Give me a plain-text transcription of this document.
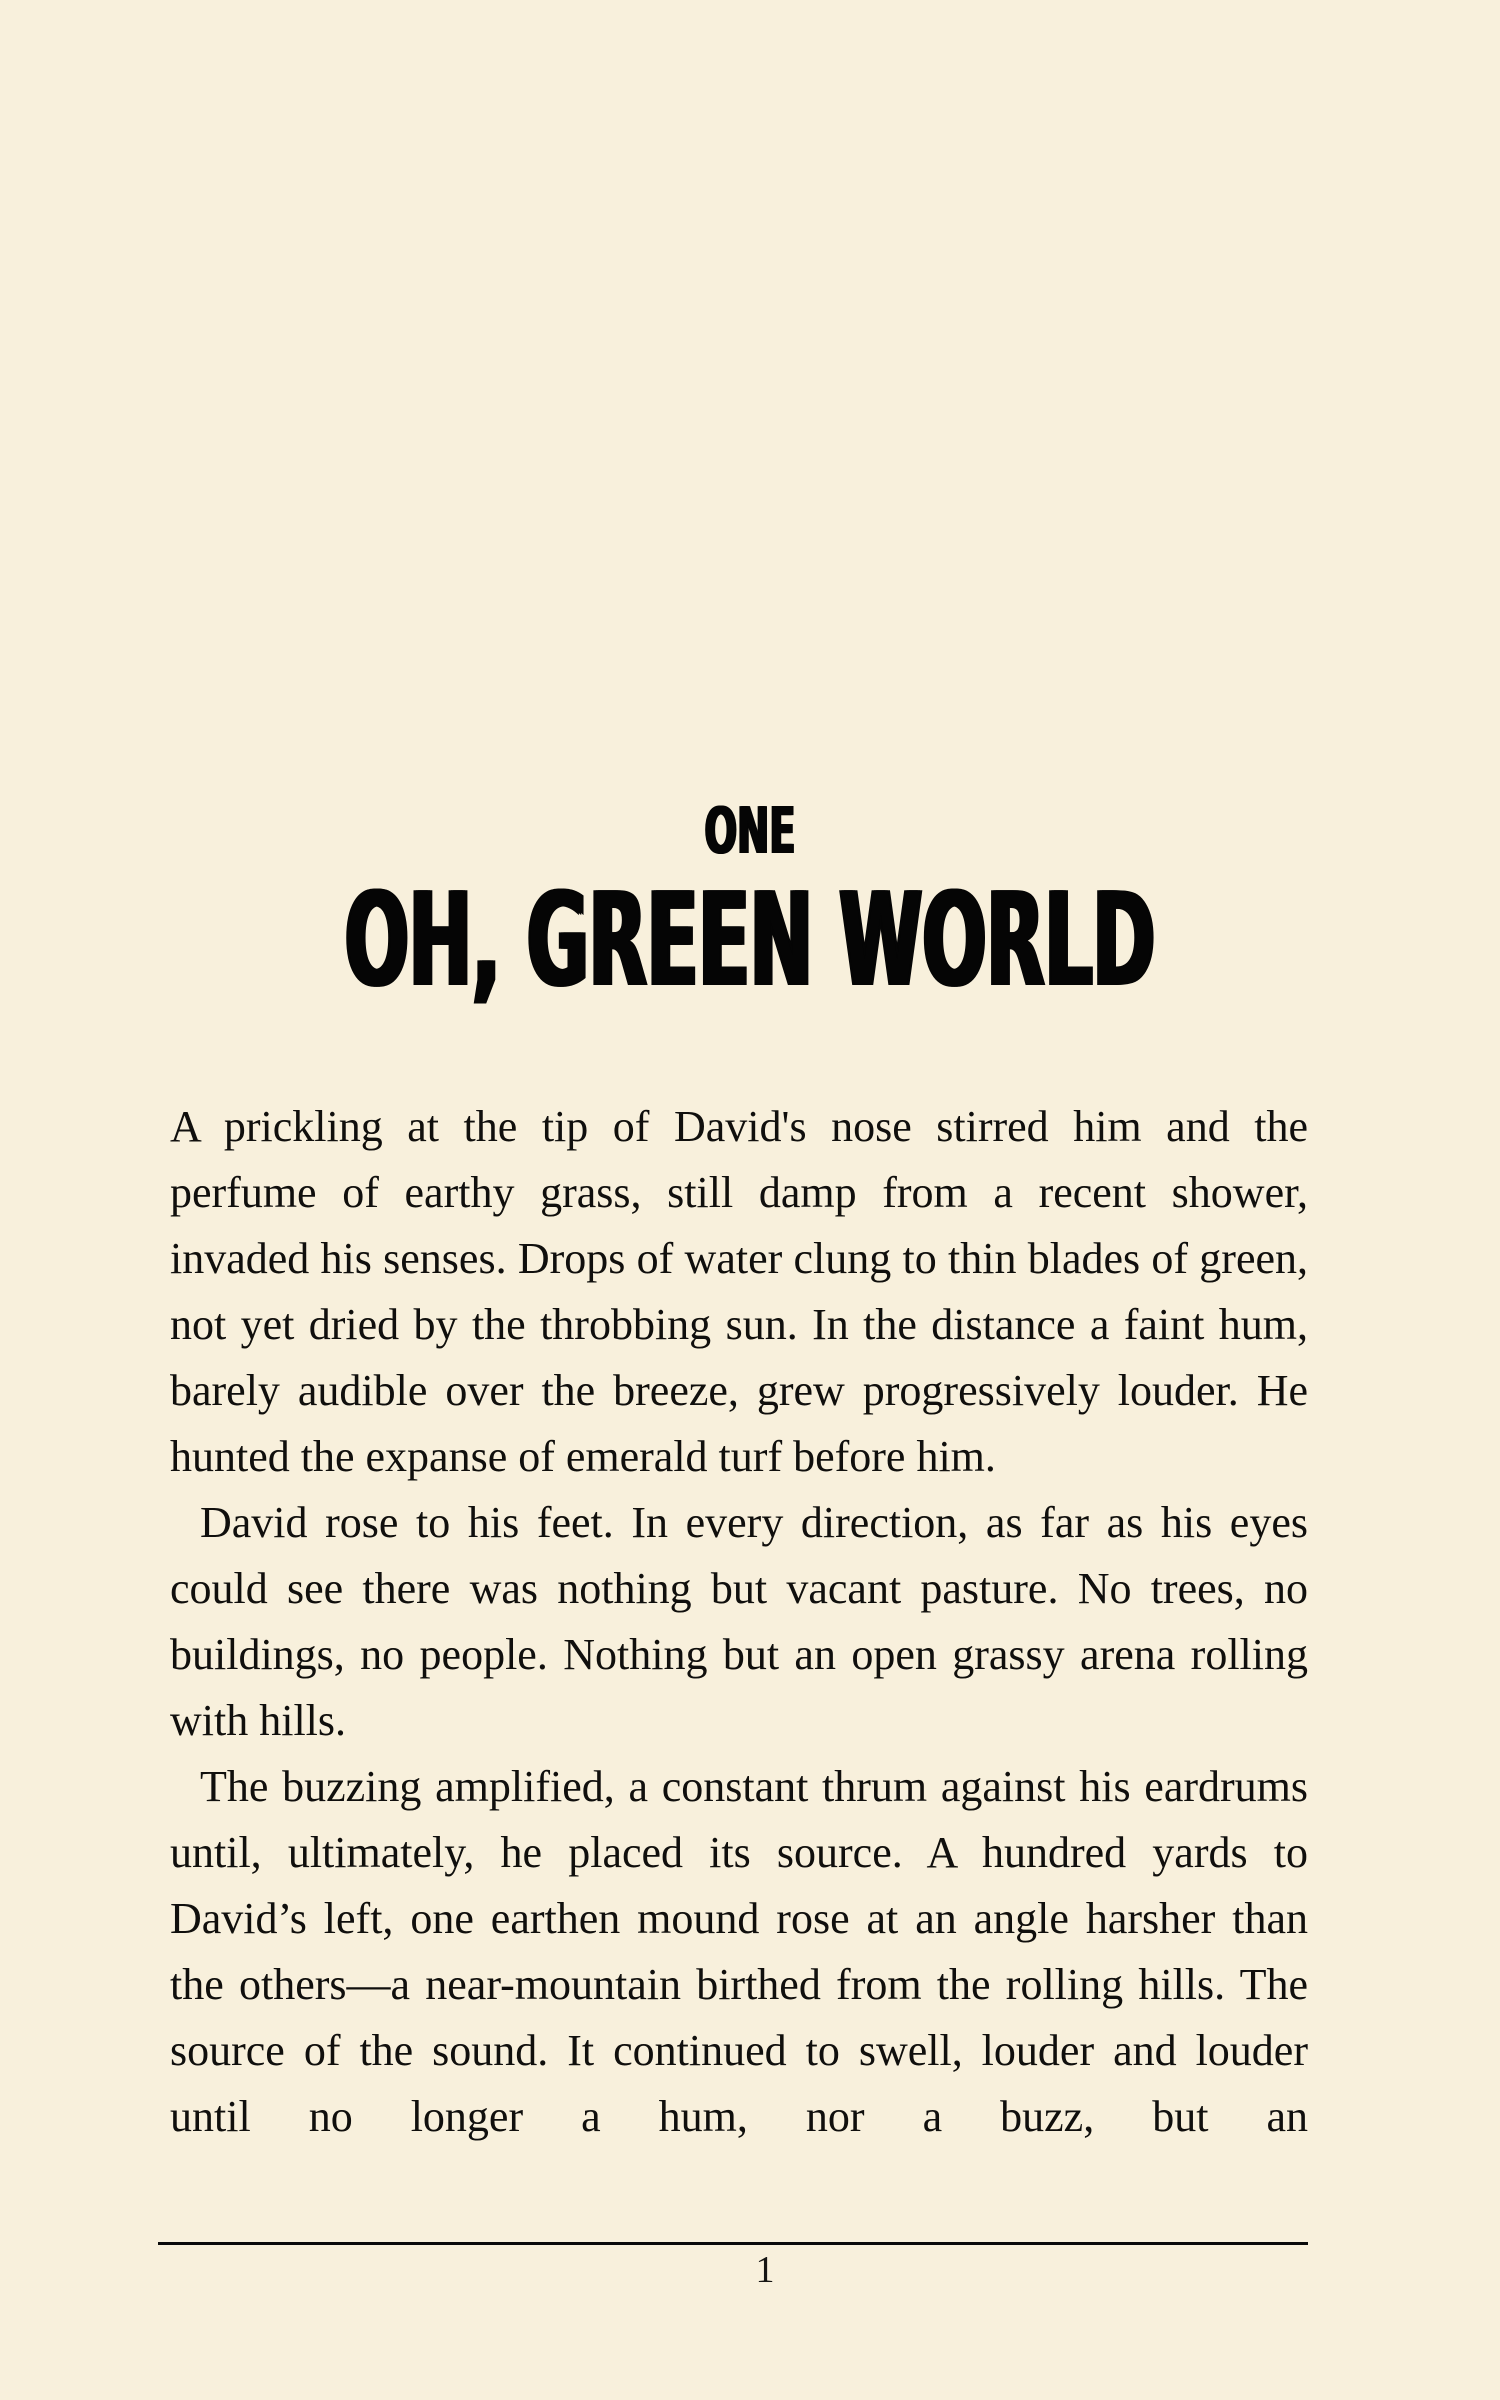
ONE
OH, GREEN WORLD

A prickling at the tip of David's nose stirred him and the perfume of earthy grass, still damp from a recent shower, invaded his senses. Drops of water clung to thin blades of green, not yet dried by the throbbing sun. In the distance a faint hum, barely audible over the breeze, grew progressively louder. He hunted the expanse of emerald turf before him.

David rose to his feet. In every direction, as far as his eyes could see there was nothing but vacant pasture. No trees, no buildings, no people. Nothing but an open grassy arena rolling with hills.

The buzzing amplified, a constant thrum against his eardrums until, ultimately, he placed its source. A hundred yards to David’s left, one earthen mound rose at an angle harsher than the others—a near-mountain birthed from the rolling hills. The source of the sound. It continued to swell, louder and louder until no longer a hum, nor a buzz, but an

1
